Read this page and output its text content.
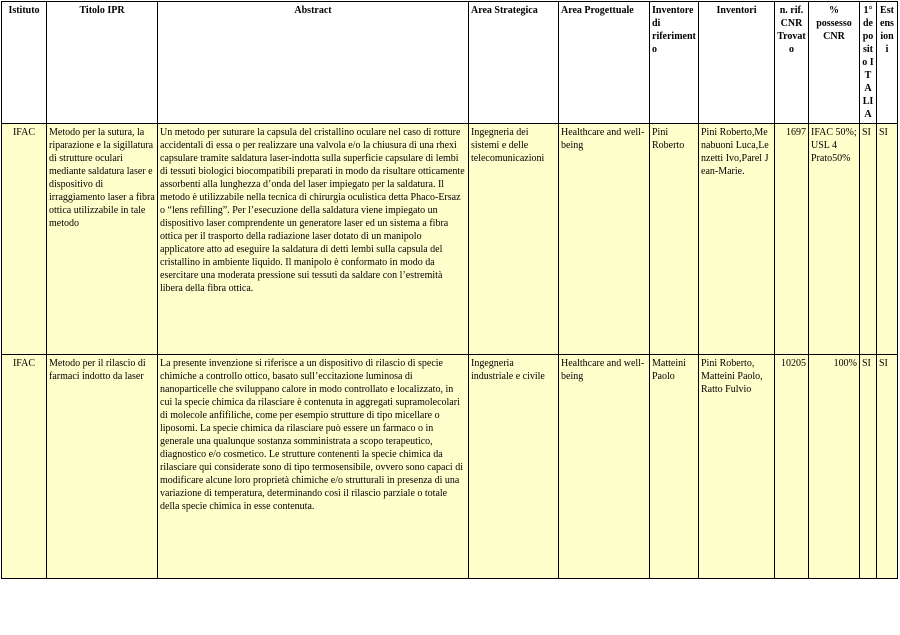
Istituto	Titolo IPR	Abstract	Area Strategica	Area Progettuale	Inventore di riferimento	Inventori	n. rif. CNR Trovato	% possesso CNR	1° deposito ITALIA	Estensioni
IFAC	Metodo per la sutura, la riparazione e la sigillatura di strutture oculari mediante saldatura laser e dispositivo di irraggiamento laser a fibra ottica utilizzabile in tale metodo	Un metodo per suturare la capsula del cristallino oculare nel caso di rotture accidentali di essa o per realizzare una valvola e/o la chiusura di una rhexi capsulare tramite saldatura laser-indotta sulla superficie capsulare di lembi di tessuti biologici biocompatibili preparati in modo da risultare otticamente assorbenti alla lunghezza d’onda del laser impiegato per la saldatura. Il metodo è utilizzabile nella tecnica di chirurgia oculistica detta Phaco-Ersaz o “lens refilling”. Per l’esecuzione della saldatura viene impiegato un dispositivo laser comprendente un generatore laser ed un sistema a fibra ottica per il trasporto della radiazione laser dotato di un manipolo applicatore atto ad eseguire la saldatura di detti lembi sulla capsula del cristallino in ambiente liquido. Il manipolo è conformato in modo da esercitare una moderata pressione sui tessuti da saldare con l’estremità libera della fibra ottica.	Ingegneria dei sistemi e delle telecomunicazioni	Healthcare and well-being	Pini Roberto	Pini Roberto,Menabuoni Luca,Lenzetti Ivo,Parel Jean-Marie.	1697	IFAC 50%; USL 4 Prato50%	SI	SI
IFAC	Metodo per il rilascio di farmaci indotto da laser	La presente invenzione si riferisce a un dispositivo di rilascio di specie chimiche a controllo ottico, basato sull’eccitazione luminosa di nanoparticelle che sviluppano calore in modo controllato e localizzato, in cui la specie chimica da rilasciare è contenuta in aggregati supramolecolari di molecole anfifiliche, come per esempio strutture di tipo micellare o liposomi. La specie chimica da rilasciare può essere un farmaco o in generale una qualunque sostanza somministrata a scopo terapeutico, diagnostico e/o cosmetico. Le strutture contenenti la specie chimica da rilasciare qui considerate sono di tipo termosensibile, ovvero sono capaci di modificare alcune loro proprietà chimiche e/o strutturali in presenza di una variazione di temperatura, determinando così il rilascio parziale o totale della specie chimica in esse contenuta.	Ingegneria industriale e civile	Healthcare and well-being	Matteini Paolo	Pini Roberto, Matteini Paolo, Ratto Fulvio	10205	100%	SI	SI
